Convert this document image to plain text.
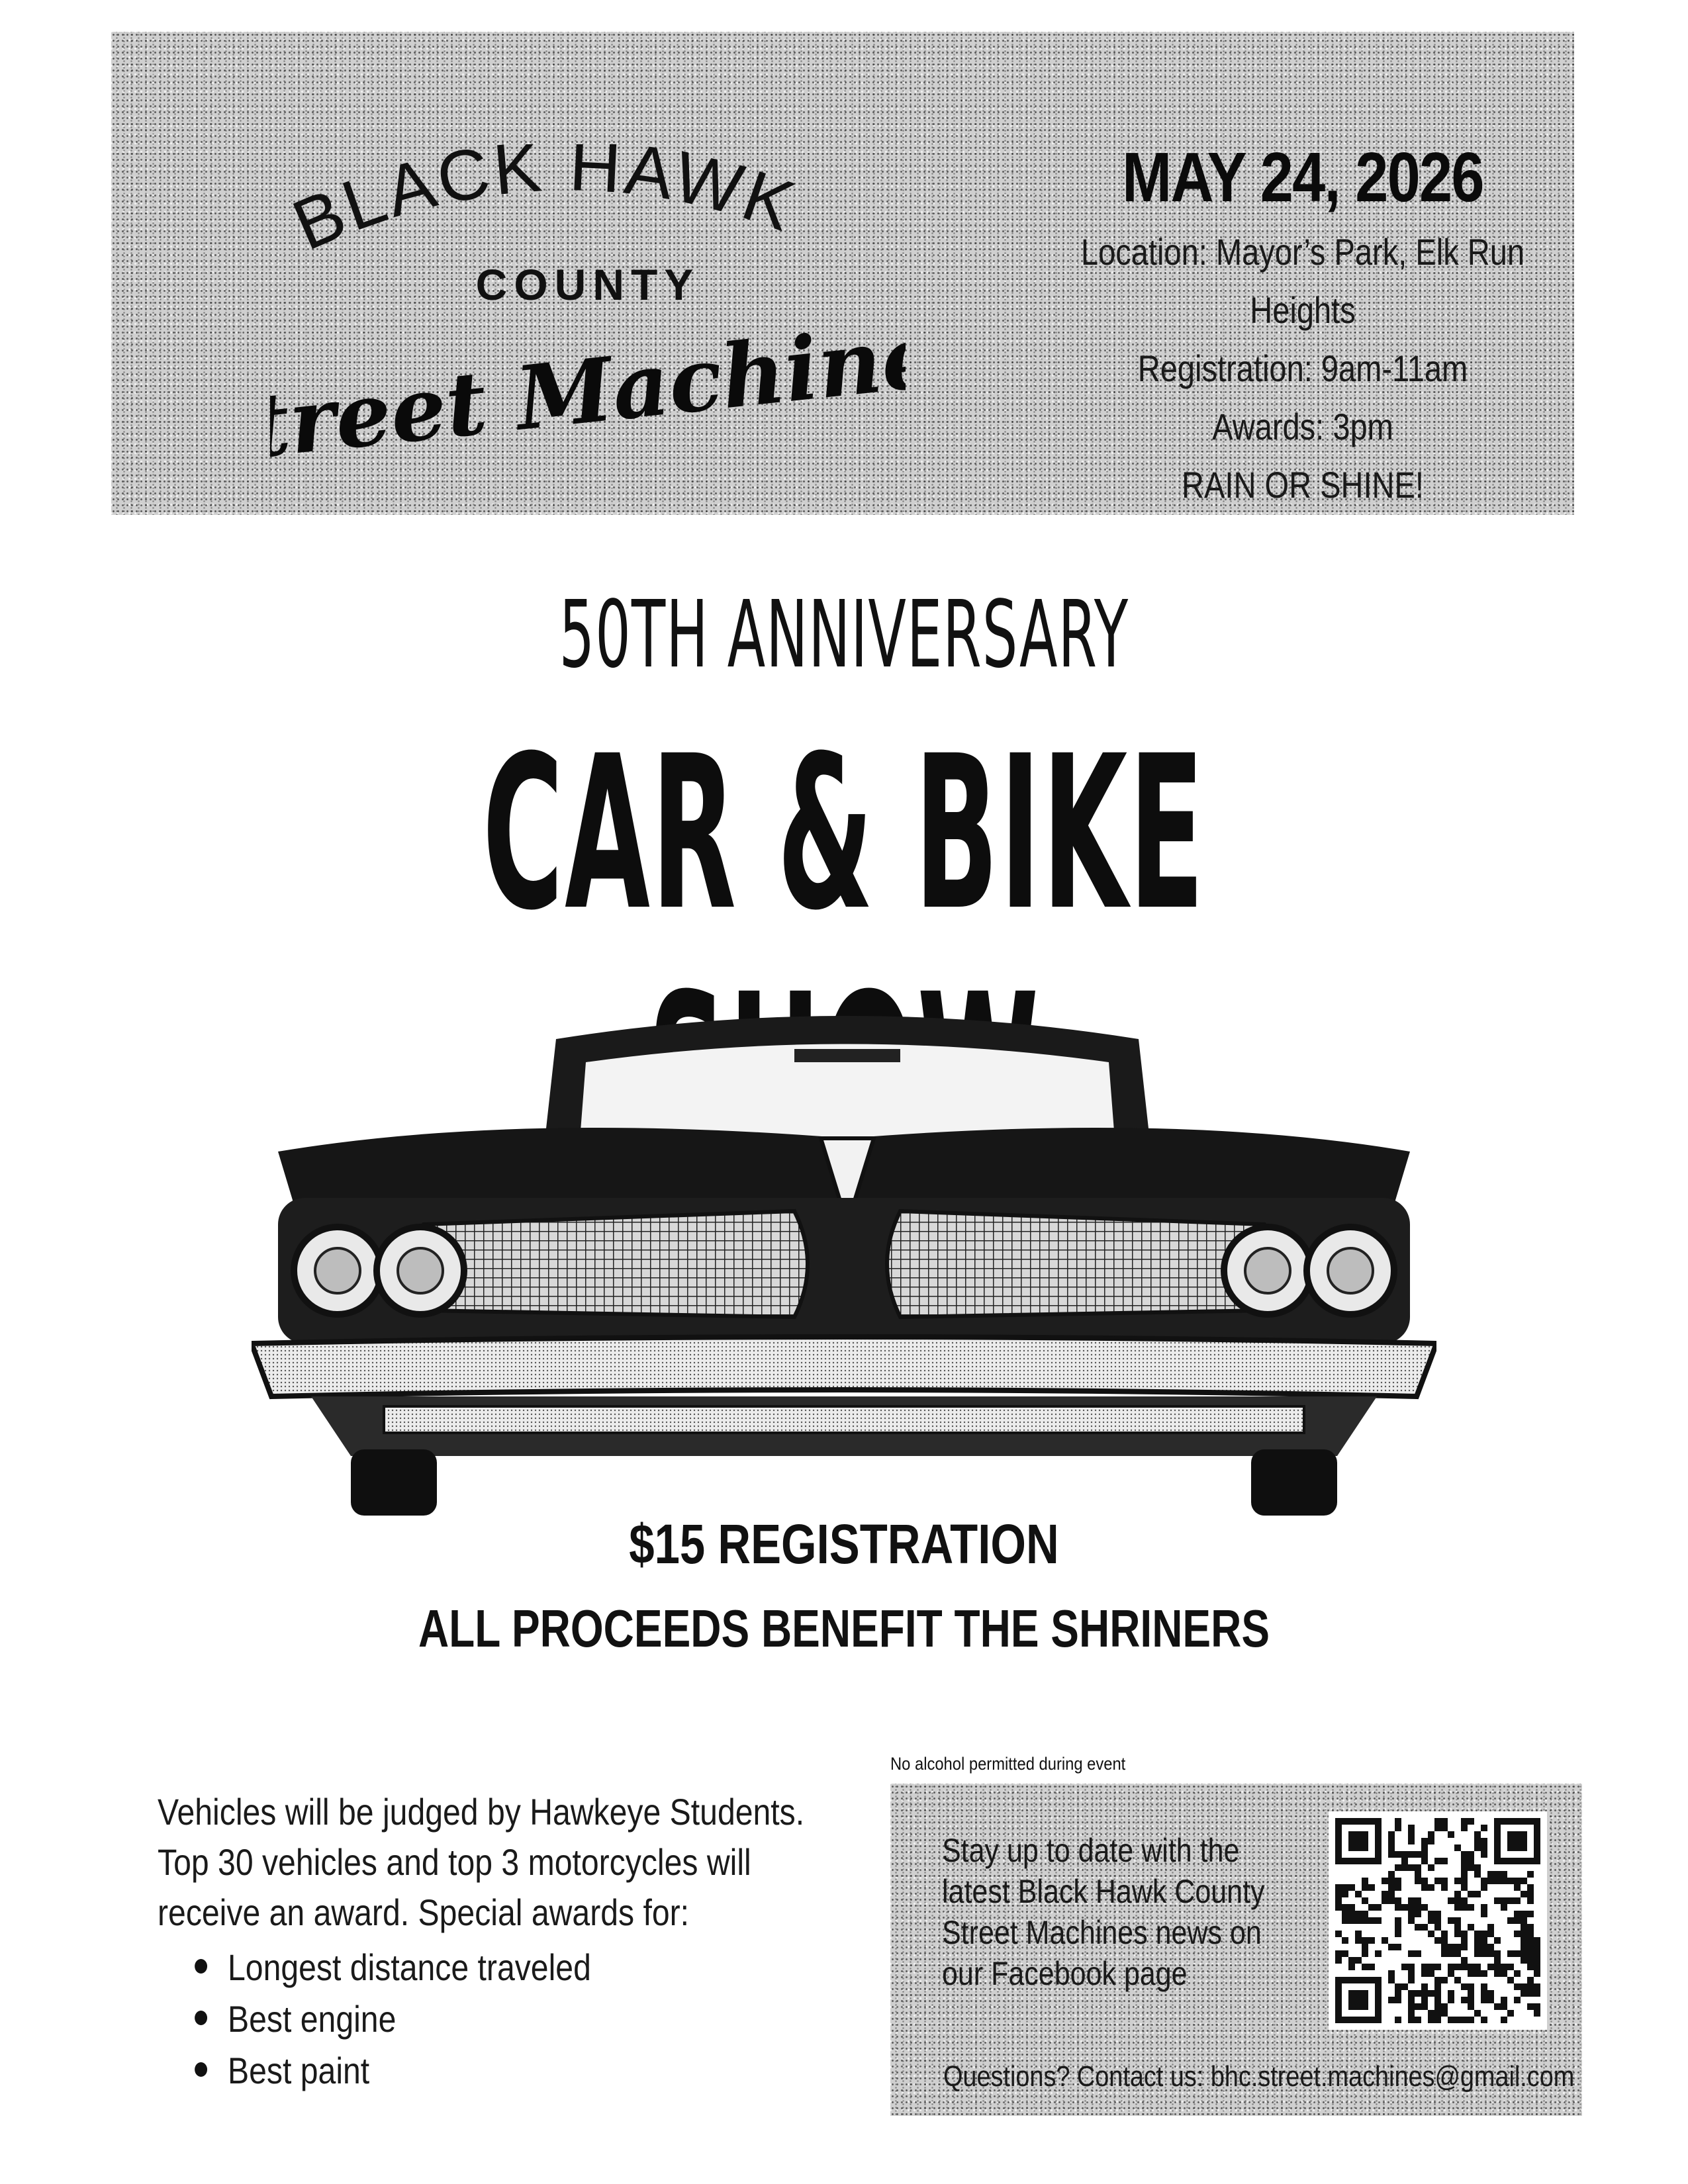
BLACK HAWK
COUNTY
Street Machines
MAY 24, 2026
Location: Mayor’s Park, Elk Run Heights
Registration: 9am-11am
Awards: 3pm
RAIN OR SHINE!
50TH ANNIVERSARY
CAR & BIKE
$15 REGISTRATION
ALL PROCEEDS BENEFIT THE SHRINERS
Vehicles will be judged by Hawkeye Students.
Top 30 vehicles and top 3 motorcycles will
receive an award. Special awards for:
Longest distance traveled
Best engine
Best paint
No alcohol permitted during event
Stay up to date with the
latest Black Hawk County
Street Machines news on
our Facebook page
Questions? Contact us: bhc.street.machines@gmail.com
